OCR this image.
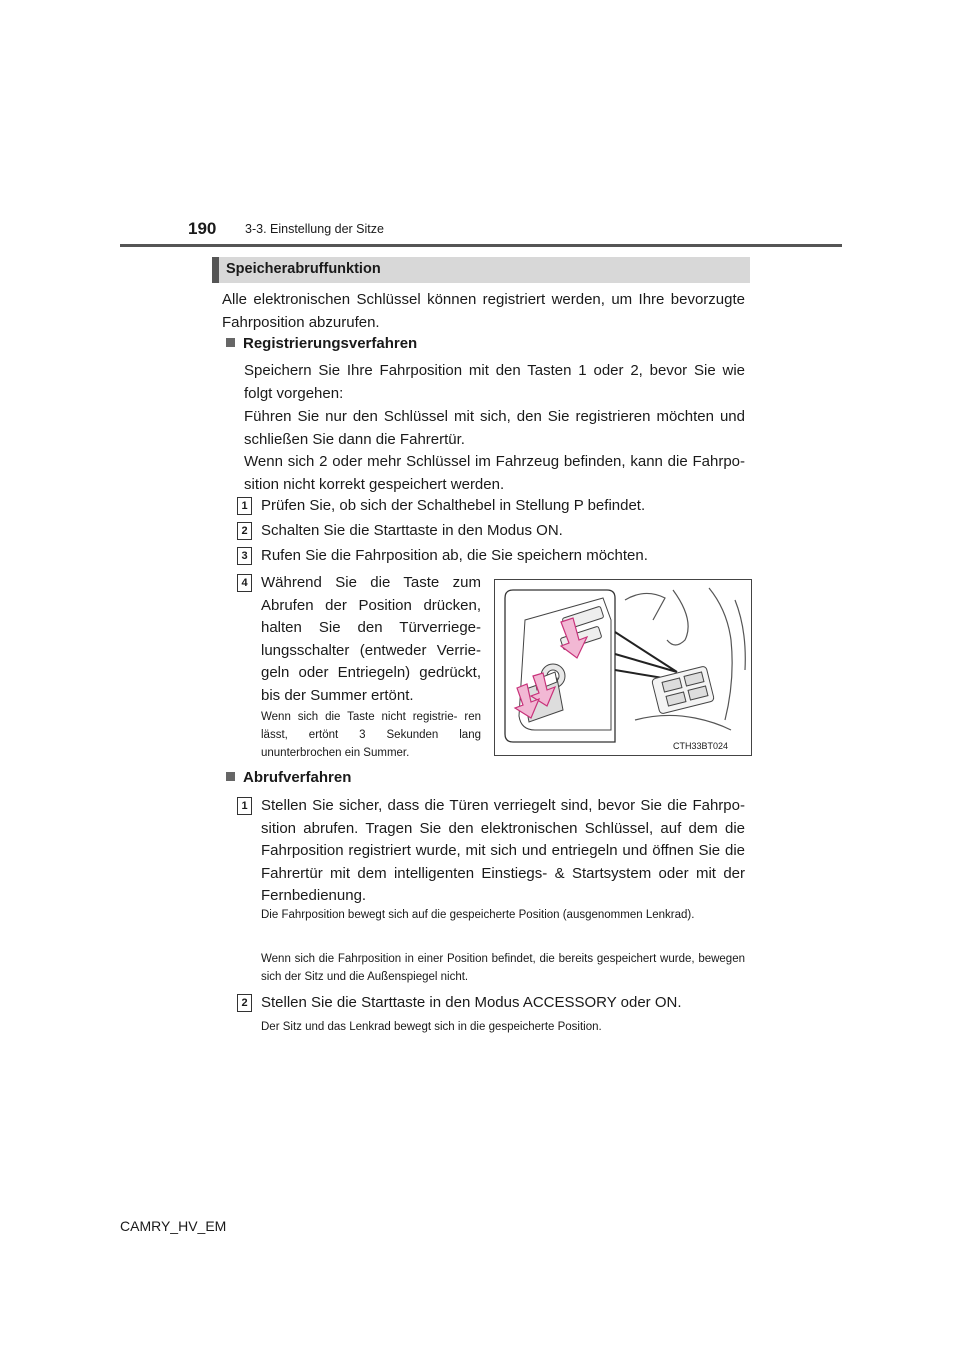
190 3-3. Einstellung der Sitze
Speicherabruffunktion
Alle elektronischen Schlüssel können registriert werden, um Ihre bevorzugte Fahrposition abzurufen.
Registrierungsverfahren
Speichern Sie Ihre Fahrposition mit den Tasten 1 oder 2, bevor Sie wie folgt vorgehen:
Führen Sie nur den Schlüssel mit sich, den Sie registrieren möchten und schließen Sie dann die Fahrertür.
Wenn sich 2 oder mehr Schlüssel im Fahrzeug befinden, kann die Fahrpo- sition nicht korrekt gespeichert werden.
1 Prüfen Sie, ob sich der Schalthebel in Stellung P befindet.
2 Schalten Sie die Starttaste in den Modus ON.
3 Rufen Sie die Fahrposition ab, die Sie speichern möchten.
4 Während Sie die Taste zum Abrufen der Position drücken, halten Sie den Türverriege- lungsschalter (entweder Verrie- geln oder Entriegeln) gedrückt, bis der Summer ertönt.
Wenn sich die Taste nicht registrie- ren lässt, ertönt 3 Sekunden lang ununterbrochen ein Summer.
CTH33BT024
Abrufverfahren
1 Stellen Sie sicher, dass die Türen verriegelt sind, bevor Sie die Fahrpo- sition abrufen. Tragen Sie den elektronischen Schlüssel, auf dem die Fahrposition registriert wurde, mit sich und entriegeln und öffnen Sie die Fahrertür mit dem intelligenten Einstiegs- & Startsystem oder mit der Fernbedienung.
Die Fahrposition bewegt sich auf die gespeicherte Position (ausgenommen Lenkrad).
Wenn sich die Fahrposition in einer Position befindet, die bereits gespeichert wurde, bewegen sich der Sitz und die Außenspiegel nicht.
2 Stellen Sie die Starttaste in den Modus ACCESSORY oder ON.
Der Sitz und das Lenkrad bewegt sich in die gespeicherte Position.
CAMRY_HV_EM
